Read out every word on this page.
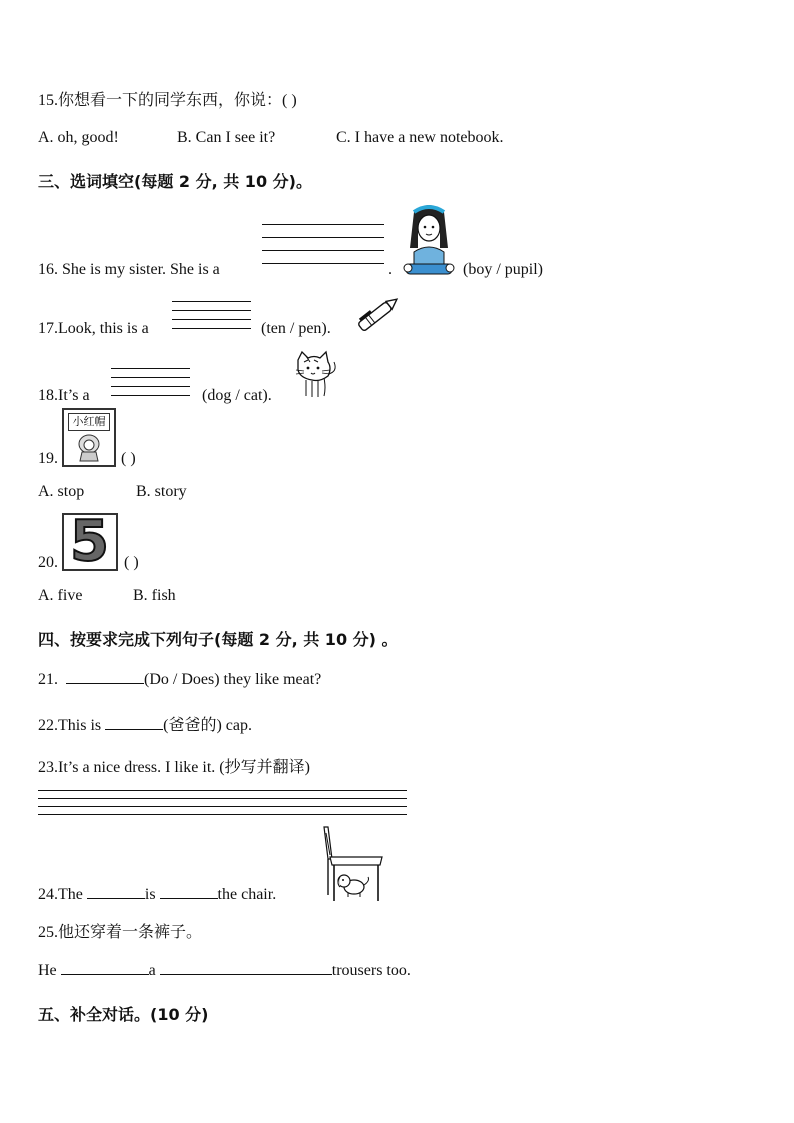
15.你想看一下的同学东西，你说：( )
A. oh, good!	B. Can I see it?	C. I have a new notebook.
三、选词填空(每题 2 分, 共 10 分)。
16. She is my sister. She is a	.	(boy / pupil)
17.Look, this is a	(ten / pen).
18.It’s a	(dog / cat).
小红帽
19.	( )
A. stop	B. story
5
20.	( )
A. five	B. fish
四、按要求完成下列句子(每题 2 分, 共 10 分) 。
21.	(Do / Does) they like meat?
22.This is	(爸爸的) cap.
23.It’s a nice dress. I like it. (抄写并翻译)
24.The	is	the chair.
25.他还穿着一条裤子。
He	a	trousers too.
五、补全对话。(10 分)
